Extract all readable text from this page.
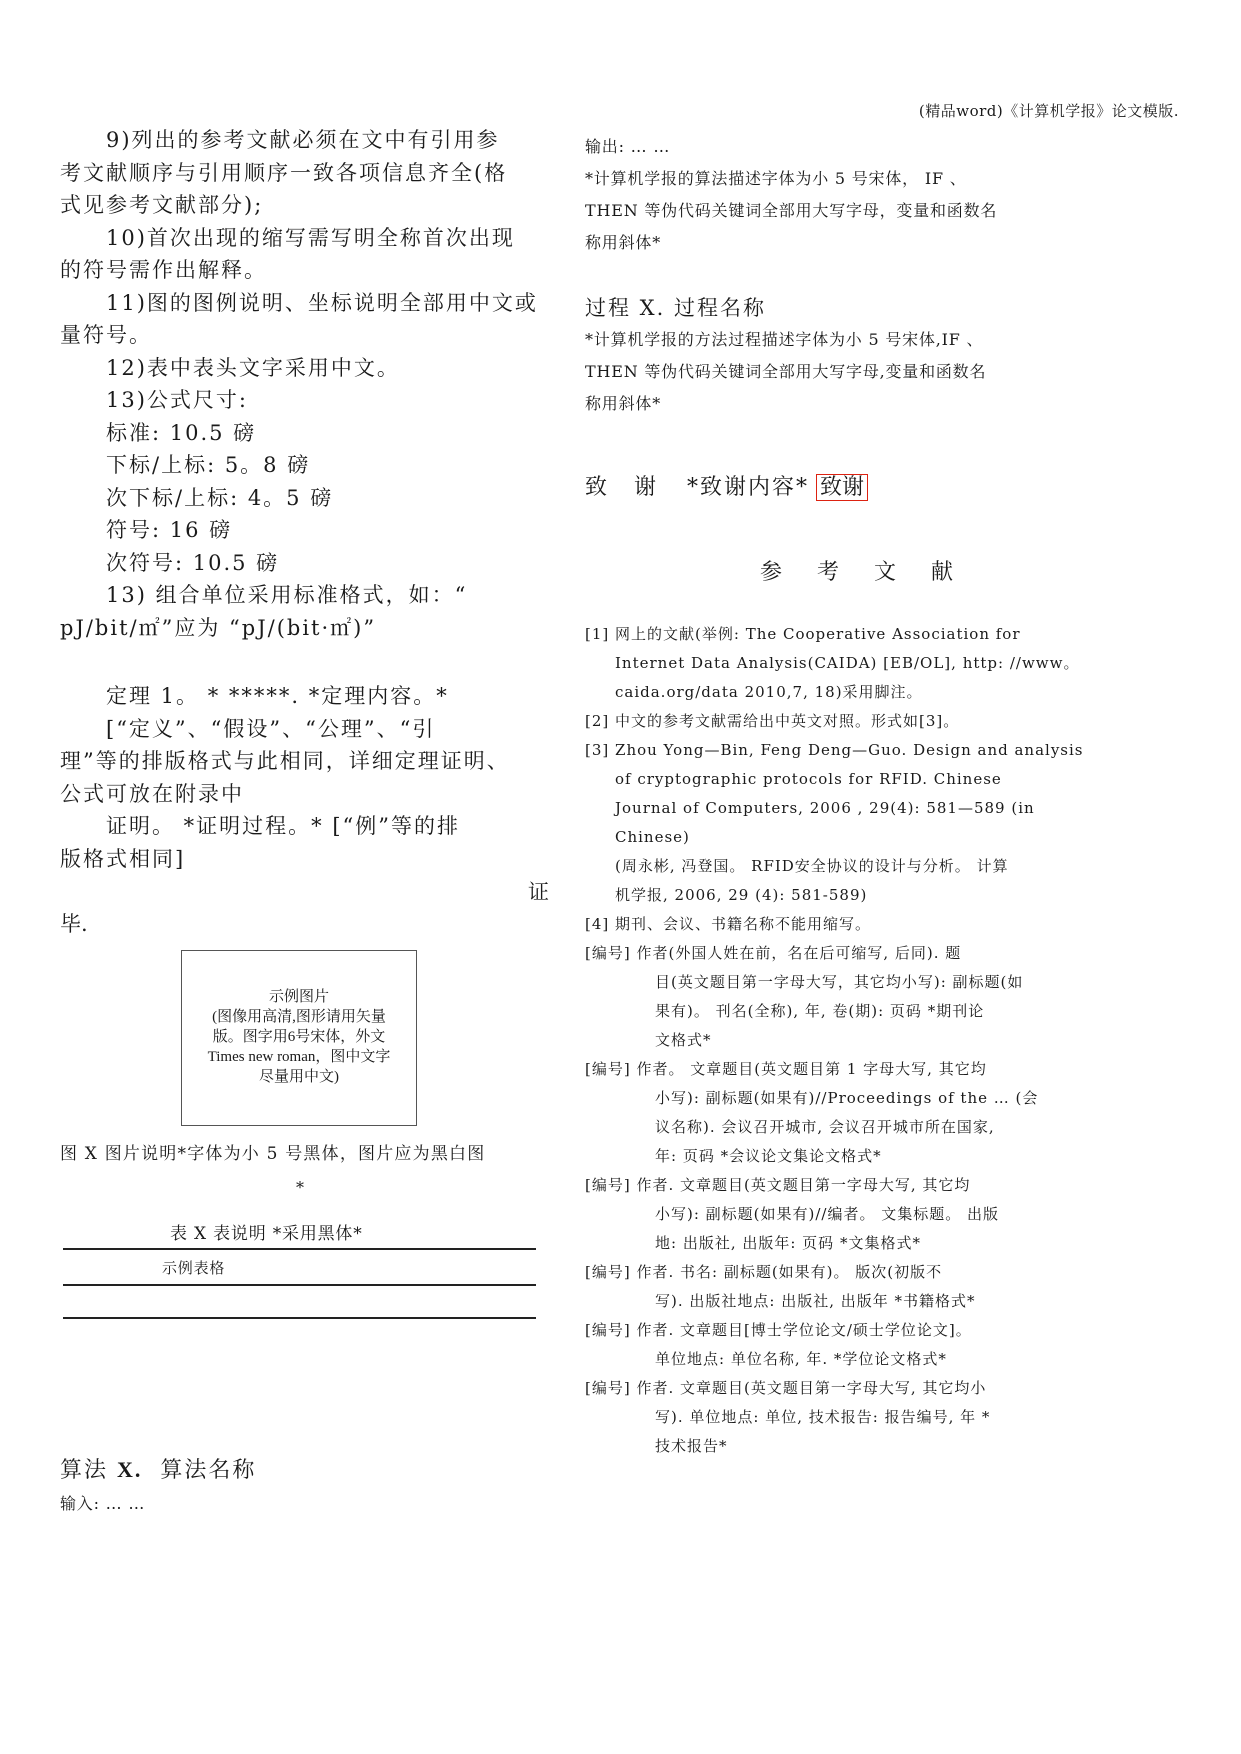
(精品word)《计算机学报》论文模版.

9)列出的参考文献必须在文中有引用参

考文献顺序与引用顺序一致各项信息齐全(格

式见参考文献部分);

10)首次出现的缩写需写明全称首次出现

的符号需作出解释。

11)图的图例说明、坐标说明全部用中文或

量符号。

12)表中表头文字采用中文。

13)公式尺寸:

标准: 10.5 磅

下标/上标: 5。8 磅

次下标/上标: 4。5 磅

符号: 16 磅

次符号: 10.5 磅

13) 组合单位采用标准格式，如：“

pJ/bit/㎡”应为 “pJ/(bit·㎡)”

定理 1。 * *****. *定理内容。*

[“定义”、“假设”、“公理”、“引

理”等的排版格式与此相同，详细定理证明、

公式可放在附录中

证明。 *证明过程。* [“例”等的排

版格式相同]

证
毕.
示例图片
(图像用高清,图形请用矢量
版。图字用6号宋体，外文
Times new roman，图中文字
尽量用中文)
图 X 图片说明*字体为小 5 号黑体，图片应为黑白图
*
表 X 表说明 *采用黑体*
示例表格
算法 X. 算法名称
输入: … …

输出: … …

*计算机学报的算法描述字体为小 5 号宋体， IF 、

THEN 等伪代码关键词全部用大写字母，变量和函数名

称用斜体*

过程 X. 过程名称

*计算机学报的方法过程描述字体为小 5 号宋体,IF 、

THEN 等伪代码关键词全部用大写字母,变量和函数名

称用斜体*

致 谢 *致谢内容* 致谢
参 考 文 献

[1] 网上的文献(举例: The Cooperative Association for

Internet Data Analysis(CAIDA) [EB/OL], http: //www。

caida.org/data 2010,7, 18)采用脚注。

[2] 中文的参考文献需给出中英文对照。形式如[3]。

[3] Zhou Yong—Bin, Feng Deng—Guo. Design and analysis

of cryptographic protocols for RFID. Chinese

Journal of Computers, 2006 , 29(4): 581—589 (in

Chinese)

(周永彬, 冯登国。 RFID安全协议的设计与分析。 计算

机学报, 2006, 29 (4): 581-589)

[4] 期刊、会议、书籍名称不能用缩写。

[编号] 作者(外国人姓在前，名在后可缩写, 后同). 题

目(英文题目第一字母大写，其它均小写): 副标题(如

果有)。 刊名(全称), 年, 卷(期): 页码 *期刊论

文格式*

[编号] 作者。 文章题目(英文题目第 1 字母大写, 其它均

小写): 副标题(如果有)//Proceedings of the … (会

议名称). 会议召开城市, 会议召开城市所在国家,

年: 页码 *会议论文集论文格式*

[编号] 作者. 文章题目(英文题目第一字母大写, 其它均

小写): 副标题(如果有)//编者。 文集标题。 出版

地: 出版社, 出版年: 页码 *文集格式*

[编号] 作者. 书名: 副标题(如果有)。 版次(初版不

写). 出版社地点: 出版社, 出版年 *书籍格式*

[编号] 作者. 文章题目[博士学位论文/硕士学位论文]。

单位地点: 单位名称, 年. *学位论文格式*

[编号] 作者. 文章题目(英文题目第一字母大写, 其它均小

写). 单位地点: 单位, 技术报告: 报告编号, 年 *

技术报告*
